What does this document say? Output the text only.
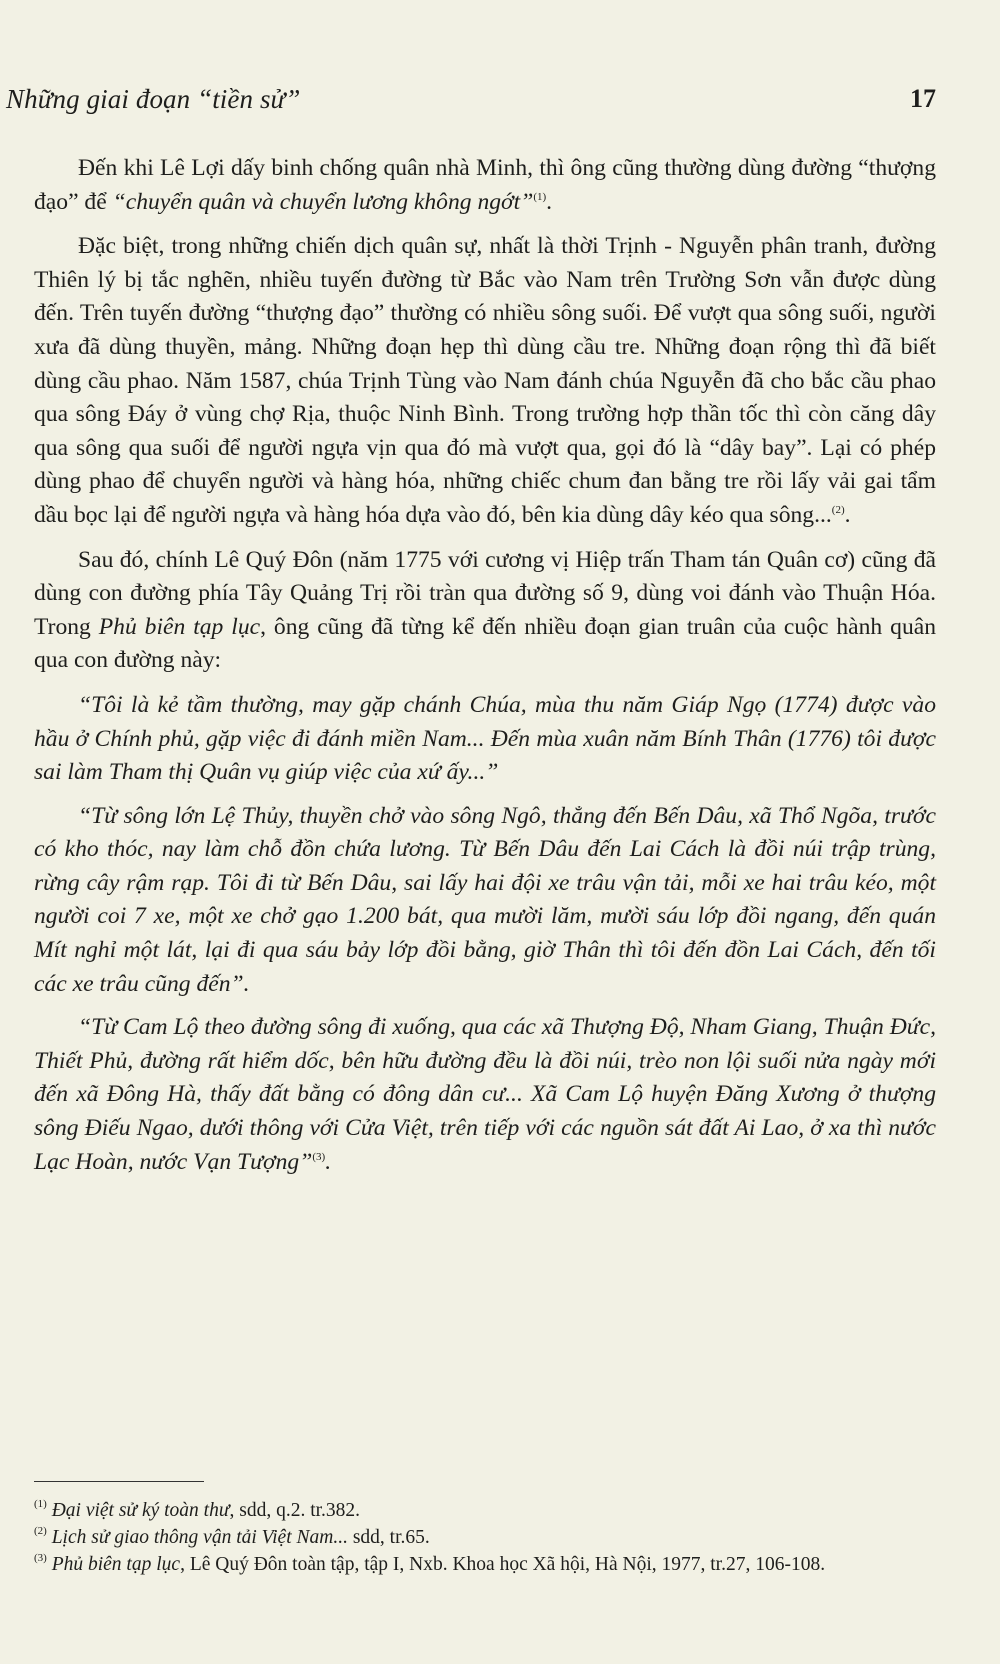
Những giai đoạn “tiền sử”	17

Đến khi Lê Lợi dấy binh chống quân nhà Minh, thì ông cũng thường dùng đường “thượng đạo” để “chuyển quân và chuyển lương không ngớt”$^{(1)}$.

Đặc biệt, trong những chiến dịch quân sự, nhất là thời Trịnh - Nguyễn phân tranh, đường Thiên lý bị tắc nghẽn, nhiều tuyến đường từ Bắc vào Nam trên Trường Sơn vẫn được dùng đến. Trên tuyến đường “thượng đạo” thường có nhiều sông suối. Để vượt qua sông suối, người xưa đã dùng thuyền, mảng. Những đoạn hẹp thì dùng cầu tre. Những đoạn rộng thì đã biết dùng cầu phao. Năm 1587, chúa Trịnh Tùng vào Nam đánh chúa Nguyễn đã cho bắc cầu phao qua sông Đáy ở vùng chợ Rịa, thuộc Ninh Bình. Trong trường hợp thần tốc thì còn căng dây qua sông qua suối để người ngựa vịn qua đó mà vượt qua, gọi đó là “dây bay”. Lại có phép dùng phao để chuyển người và hàng hóa, những chiếc chum đan bằng tre rồi lấy vải gai tẩm dầu bọc lại để người ngựa và hàng hóa dựa vào đó, bên kia dùng dây kéo qua sông...$^{(2)}$.

Sau đó, chính Lê Quý Đôn (năm 1775 với cương vị Hiệp trấn Tham tán Quân cơ) cũng đã dùng con đường phía Tây Quảng Trị rồi tràn qua đường số 9, dùng voi đánh vào Thuận Hóa. Trong Phủ biên tạp lục, ông cũng đã từng kể đến nhiều đoạn gian truân của cuộc hành quân qua con đường này:

“Tôi là kẻ tầm thường, may gặp chánh Chúa, mùa thu năm Giáp Ngọ (1774) được vào hầu ở Chính phủ, gặp việc đi đánh miền Nam... Đến mùa xuân năm Bính Thân (1776) tôi được sai làm Tham thị Quân vụ giúp việc của xứ ấy...”

“Từ sông lớn Lệ Thủy, thuyền chở vào sông Ngô, thẳng đến Bến Dâu, xã Thổ Ngõa, trước có kho thóc, nay làm chỗ đồn chứa lương. Từ Bến Dâu đến Lai Cách là đồi núi trập trùng, rừng cây rậm rạp. Tôi đi từ Bến Dâu, sai lấy hai đội xe trâu vận tải, mỗi xe hai trâu kéo, một người coi 7 xe, một xe chở gạo 1.200 bát, qua mười lăm, mười sáu lớp đồi ngang, đến quán Mít nghỉ một lát, lại đi qua sáu bảy lớp đồi bằng, giờ Thân thì tôi đến đồn Lai Cách, đến tối các xe trâu cũng đến”.

“Từ Cam Lộ theo đường sông đi xuống, qua các xã Thượng Độ, Nham Giang, Thuận Đức, Thiết Phủ, đường rất hiểm dốc, bên hữu đường đều là đồi núi, trèo non lội suối nửa ngày mới đến xã Đông Hà, thấy đất bằng có đông dân cư... Xã Cam Lộ huyện Đăng Xương ở thượng sông Điếu Ngao, dưới thông với Cửa Việt, trên tiếp với các nguồn sát đất Ai Lao, ở xa thì nước Lạc Hoàn, nước Vạn Tượng”$^{(3)}$.

$^{(1)}$ Đại việt sử ký toàn thư, sdd, q.2. tr.382.

$^{(2)}$ Lịch sử giao thông vận tải Việt Nam... sdd, tr.65.

$^{(3)}$ Phủ biên tạp lục, Lê Quý Đôn toàn tập, tập I, Nxb. Khoa học Xã hội, Hà Nội, 1977, tr.27, 106-108.
